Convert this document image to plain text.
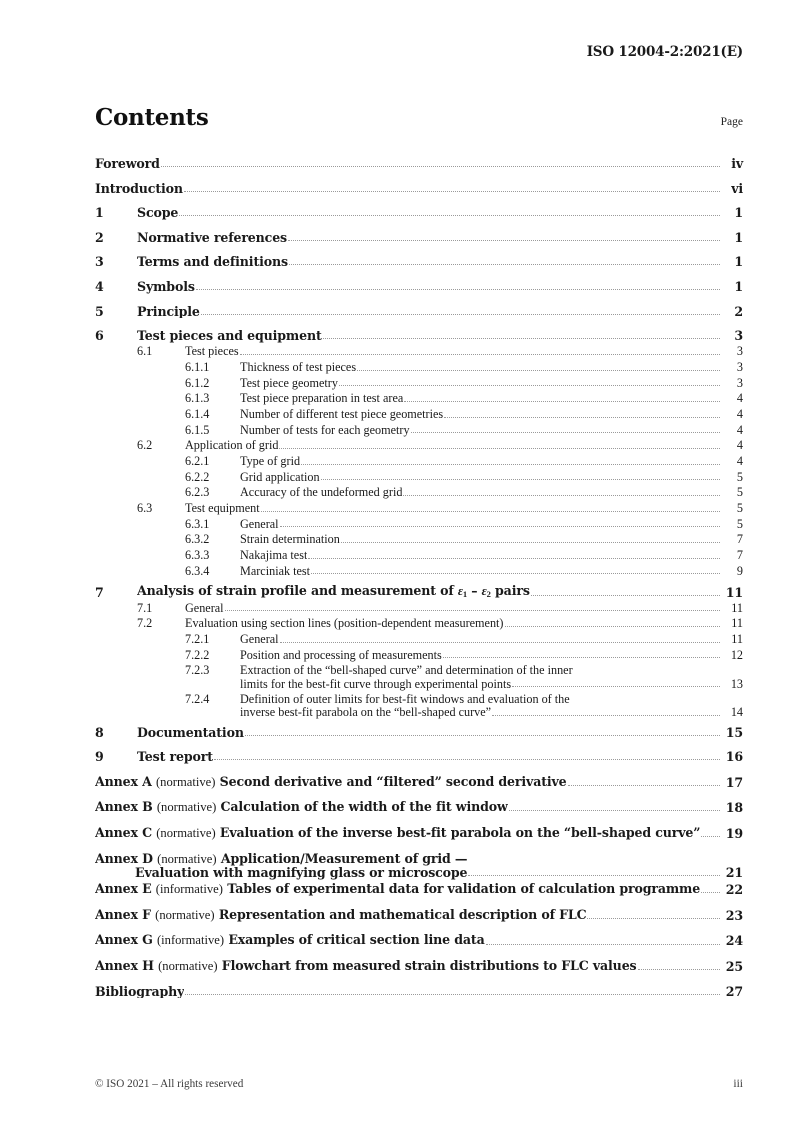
ISO 12004-2:2021(E)
Contents	Page
Foreword	iv
Introduction	vi
1	Scope	1
2	Normative references	1
3	Terms and definitions	1
4	Symbols	1
5	Principle	2
6	Test pieces and equipment	3
6.1	Test pieces	3
6.1.1	Thickness of test pieces	3
6.1.2	Test piece geometry	3
6.1.3	Test piece preparation in test area	4
6.1.4	Number of different test piece geometries	4
6.1.5	Number of tests for each geometry	4
6.2	Application of grid	4
6.2.1	Type of grid	4
6.2.2	Grid application	5
6.2.3	Accuracy of the undeformed grid	5
6.3	Test equipment	5
6.3.1	General	5
6.3.2	Strain determination	7
6.3.3	Nakajima test	7
6.3.4	Marciniak test	9
7	Analysis of strain profile and measurement of $\varepsilon_1 - \varepsilon_2$ pairs	11
7.1	General	11
7.2	Evaluation using section lines (position-dependent measurement)	11
7.2.1	General	11
7.2.2	Position and processing of measurements	12
7.2.3	Extraction of the “bell-shaped curve” and determination of the inner
limits for the best-fit curve through experimental points	13
7.2.4	Definition of outer limits for best-fit windows and evaluation of the
inverse best-fit parabola on the “bell-shaped curve”	14
8	Documentation	15
9	Test report	16
Annex A (normative) Second derivative and “filtered” second derivative	17
Annex B (normative) Calculation of the width of the fit window	18
Annex C (normative) Evaluation of the inverse best-fit parabola on the “bell-shaped curve”	19
Annex D (normative) Application/Measurement of grid —
Evaluation with magnifying glass or microscope	21
Annex E (informative) Tables of experimental data for validation of calculation programme	22
Annex F (normative) Representation and mathematical description of FLC	23
Annex G (informative) Examples of critical section line data	24
Annex H (normative) Flowchart from measured strain distributions to FLC values	25
Bibliography	27
© ISO 2021 – All rights reserved	iii
